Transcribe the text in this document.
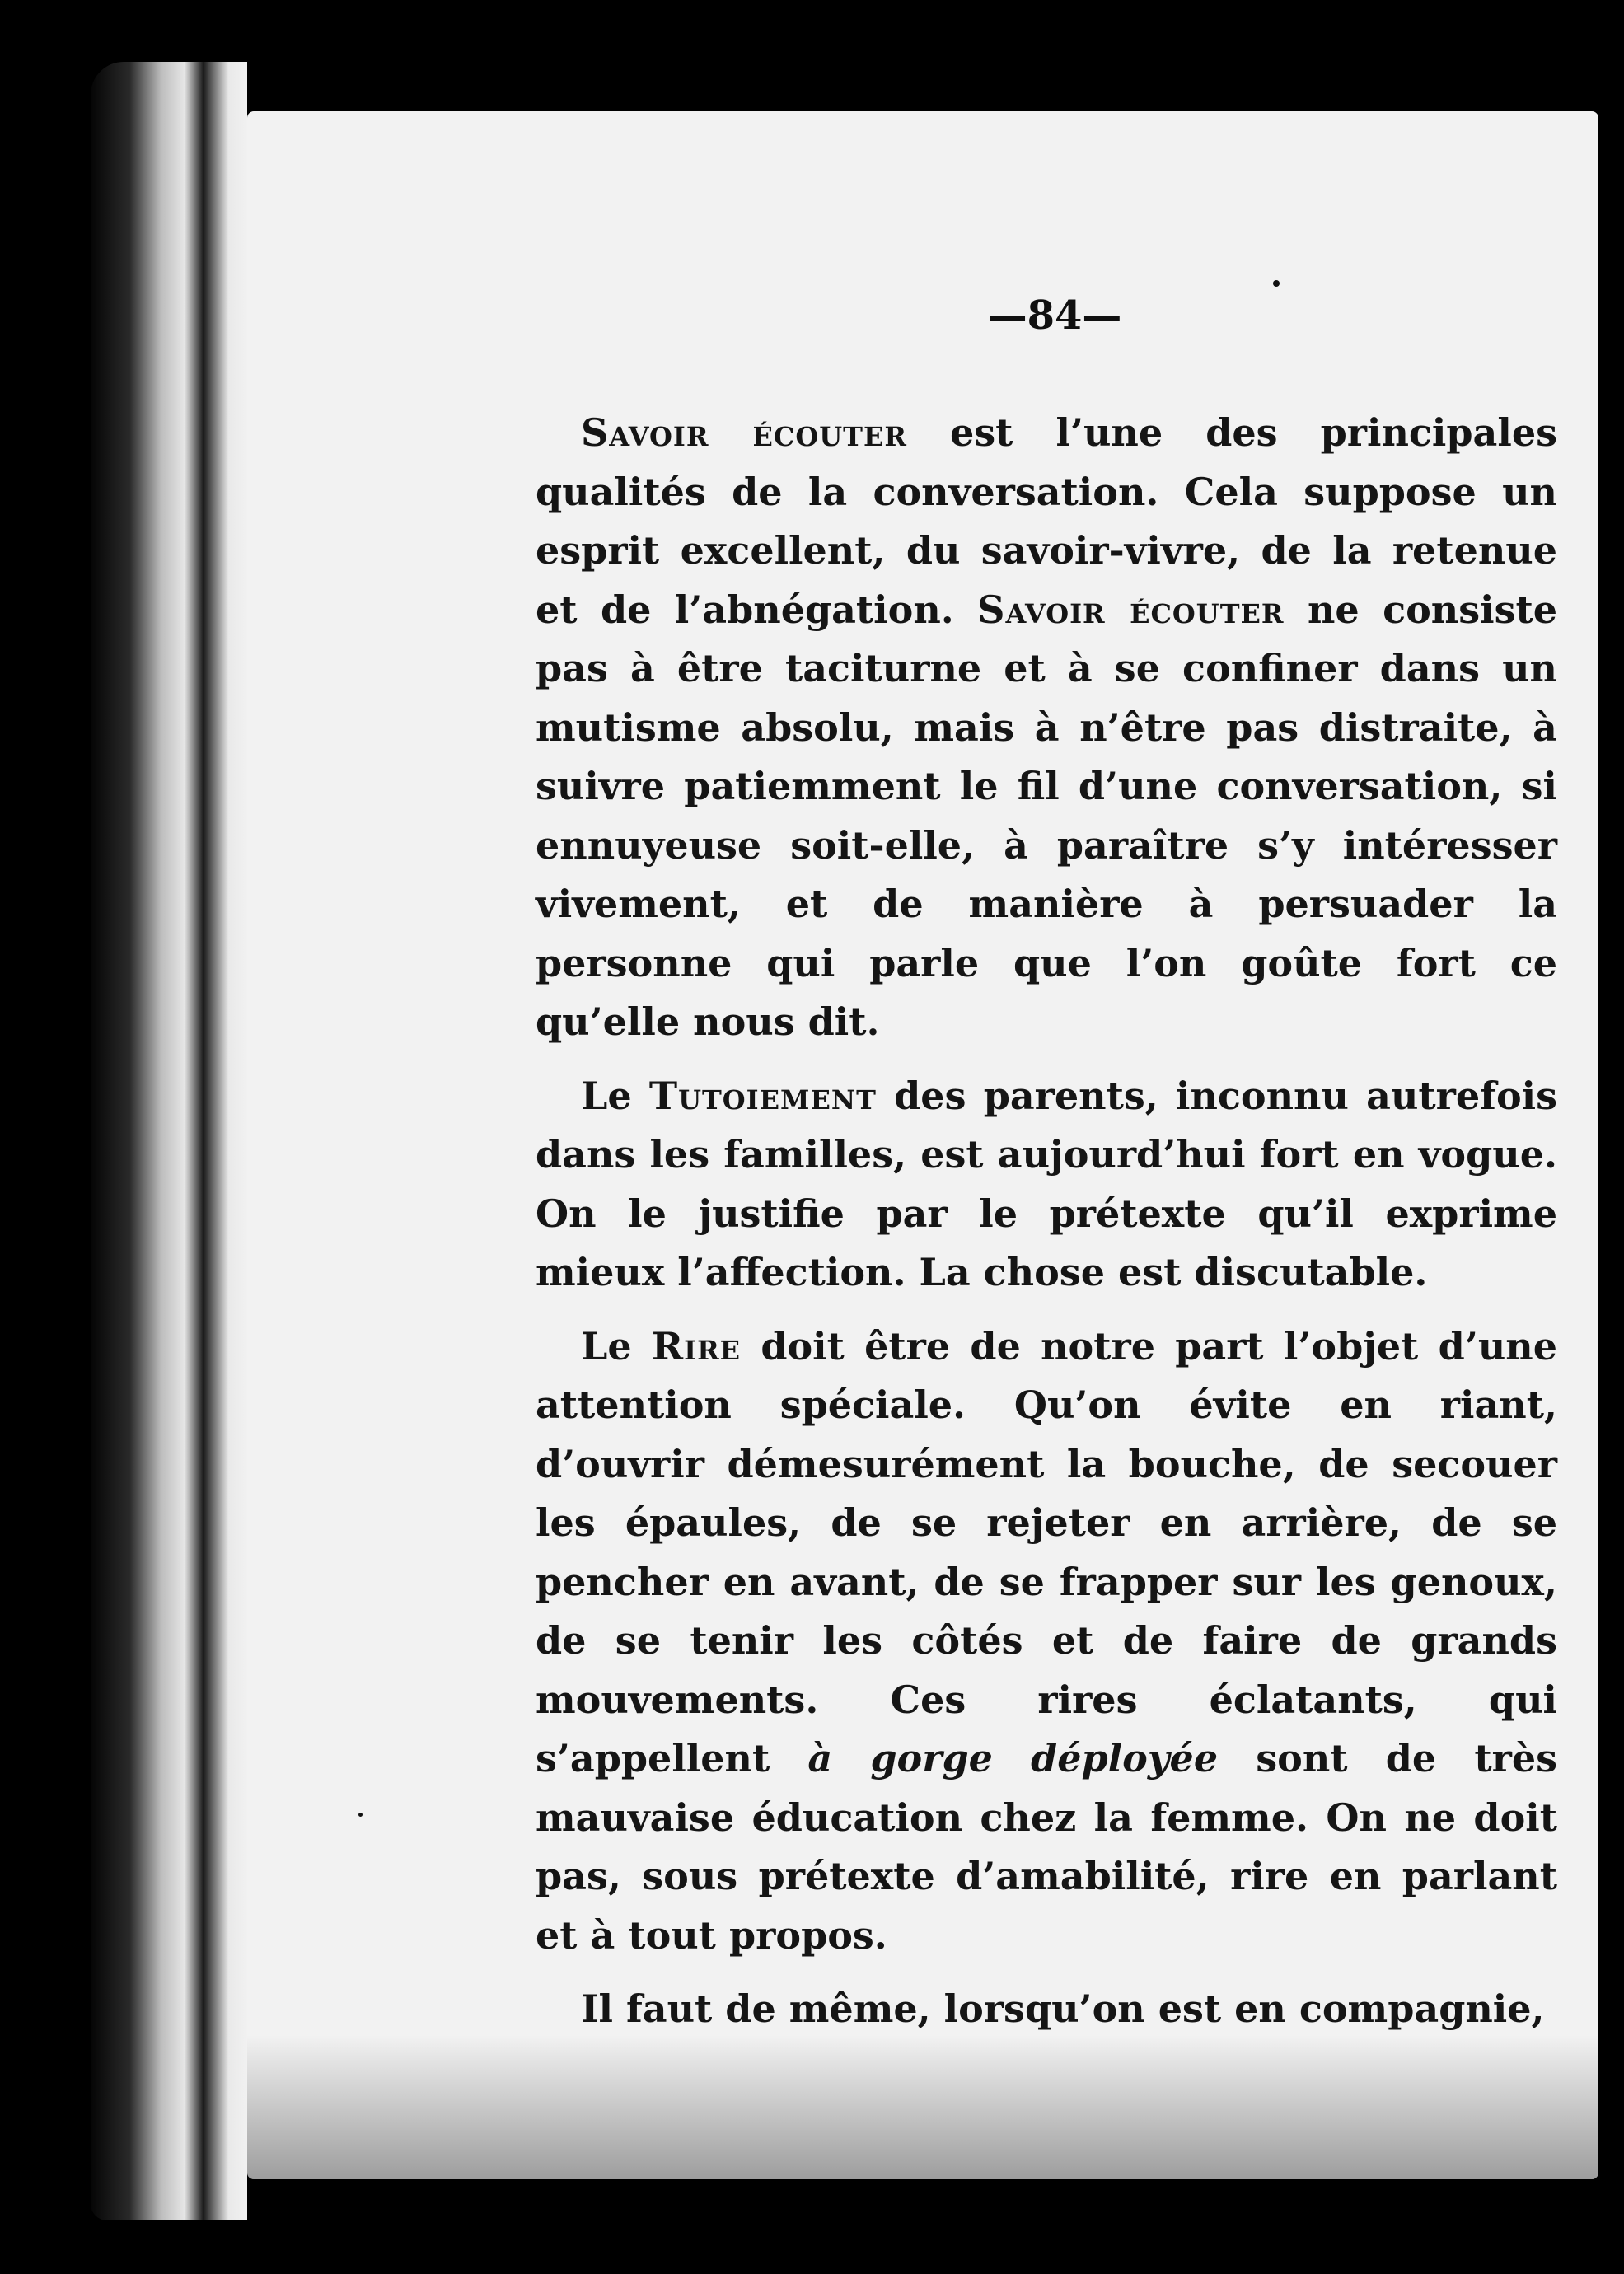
—84—

Savoir écouter est l’une des principales qualités de la conversation. Cela suppose un esprit excellent, du savoir-vivre, de la retenue et de l’abnégation. Savoir écouter ne consiste pas à être taciturne et à se confiner dans un mutisme absolu, mais à n’être pas distraite, à suivre patiemment le fil d’une conversation, si ennuyeuse soit-elle, à paraître s’y intéresser vivement, et de manière à persuader la personne qui parle que l’on goûte fort ce qu’elle nous dit.

Le Tutoiement des parents, inconnu autrefois dans les familles, est aujourd’hui fort en vogue. On le justifie par le prétexte qu’il exprime mieux l’affection. La chose est discutable.

Le Rire doit être de notre part l’objet d’une attention spéciale. Qu’on évite en riant, d’ouvrir démesurément la bouche, de secouer les épaules, de se rejeter en arrière, de se pencher en avant, de se frapper sur les genoux, de se tenir les côtés et de faire de grands mouvements. Ces rires éclatants, qui s’appellent à gorge déployée sont de très mauvaise éducation chez la femme. On ne doit pas, sous prétexte d’amabilité, rire en parlant et à tout propos.

Il faut de même, lorsqu’on est en compagnie,
